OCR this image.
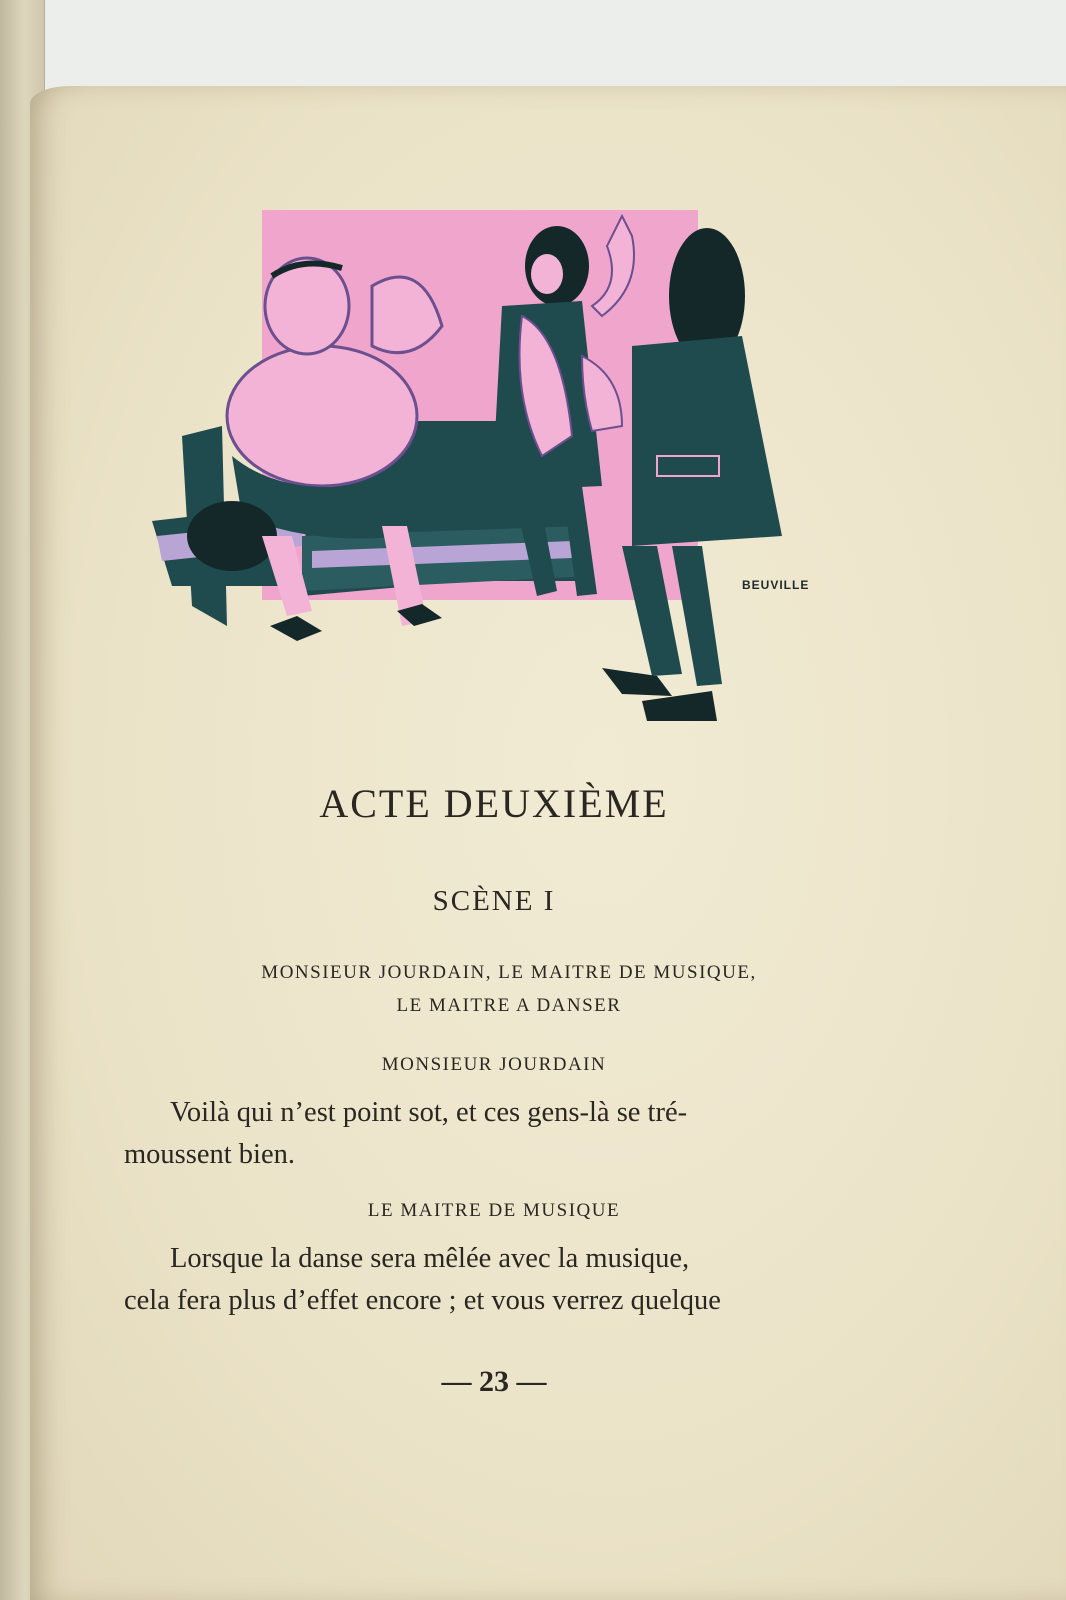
BEUVILLE
ACTE DEUXIÈME
SCÈNE I
MONSIEUR JOURDAIN, LE MAITRE DE MUSIQUE,
LE MAITRE A DANSER
MONSIEUR JOURDAIN
Voilà qui n’est point sot, et ces gens-là se tré-
moussent bien.
LE MAITRE DE MUSIQUE
Lorsque la danse sera mêlée avec la musique,
cela fera plus d’effet encore ; et vous verrez quelque
— 23 —
